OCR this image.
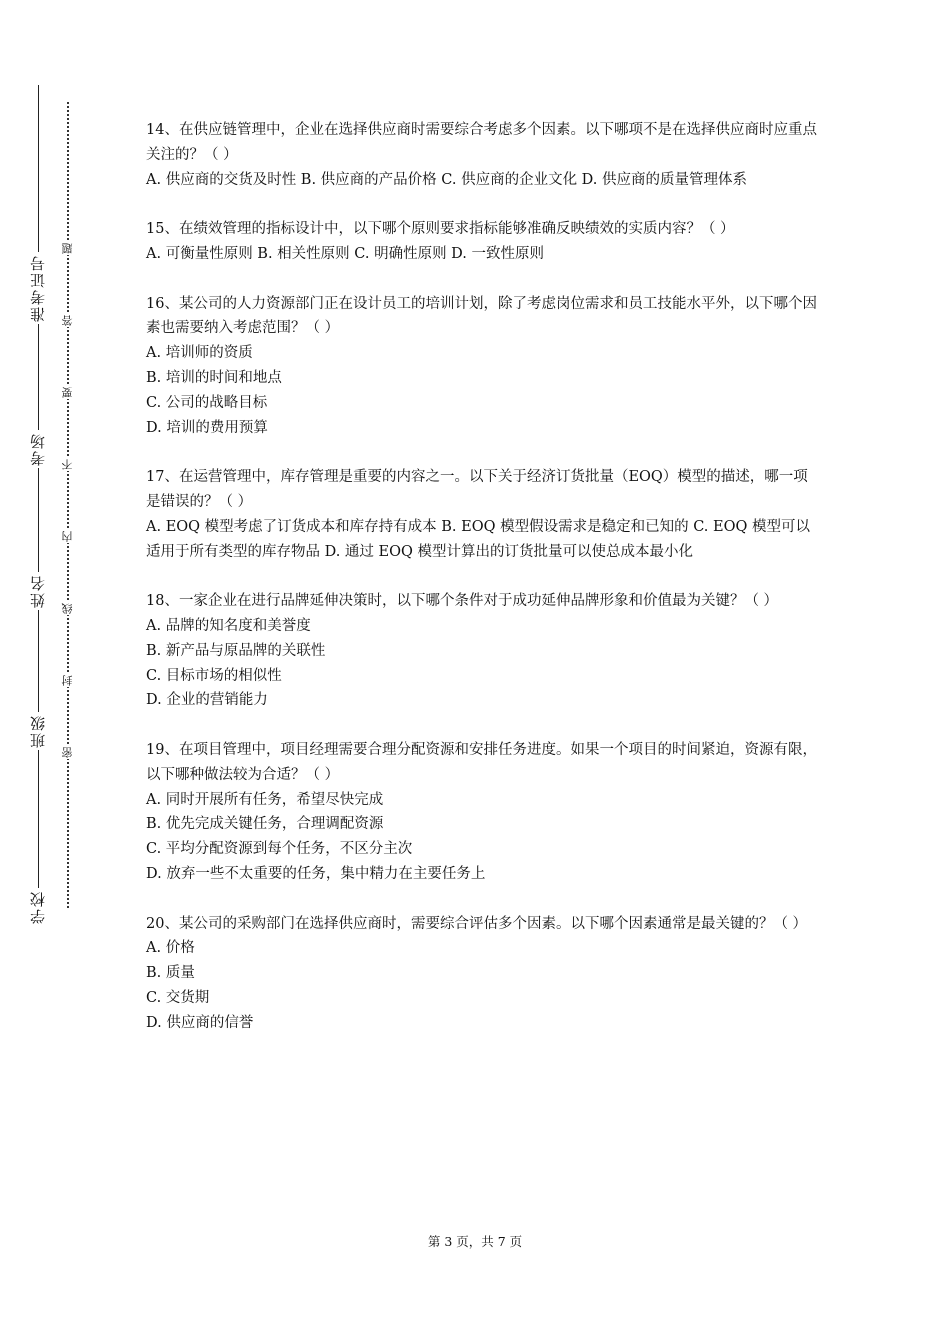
准考证号
考场
姓名
班级
学校
题
答
要
不
内
线
封
密

14、在供应链管理中，企业在选择供应商时需要综合考虑多个因素。以下哪项不是在选择供应商时应重点关注的？（ ）

A. 供应商的交货及时性 B. 供应商的产品价格 C. 供应商的企业文化 D. 供应商的质量管理体系

15、在绩效管理的指标设计中，以下哪个原则要求指标能够准确反映绩效的实质内容？（ ）

A. 可衡量性原则 B. 相关性原则 C. 明确性原则 D. 一致性原则

16、某公司的人力资源部门正在设计员工的培训计划，除了考虑岗位需求和员工技能水平外，以下哪个因素也需要纳入考虑范围？（ ）

A. 培训师的资质

B. 培训的时间和地点

C. 公司的战略目标

D. 培训的费用预算

17、在运营管理中，库存管理是重要的内容之一。以下关于经济订货批量（EOQ）模型的描述，哪一项是错误的？（ ）

A. EOQ 模型考虑了订货成本和库存持有成本 B. EOQ 模型假设需求是稳定和已知的 C. EOQ 模型可以适用于所有类型的库存物品 D. 通过 EOQ 模型计算出的订货批量可以使总成本最小化

18、一家企业在进行品牌延伸决策时，以下哪个条件对于成功延伸品牌形象和价值最为关键？（ ）

A. 品牌的知名度和美誉度

B. 新产品与原品牌的关联性

C. 目标市场的相似性

D. 企业的营销能力

19、在项目管理中，项目经理需要合理分配资源和安排任务进度。如果一个项目的时间紧迫，资源有限，以下哪种做法较为合适？（ ）

A. 同时开展所有任务，希望尽快完成

B. 优先完成关键任务，合理调配资源

C. 平均分配资源到每个任务，不区分主次

D. 放弃一些不太重要的任务，集中精力在主要任务上

20、某公司的采购部门在选择供应商时，需要综合评估多个因素。以下哪个因素通常是最关键的？（ ）

A. 价格

B. 质量

C. 交货期

D. 供应商的信誉

第 3 页，共 7 页
